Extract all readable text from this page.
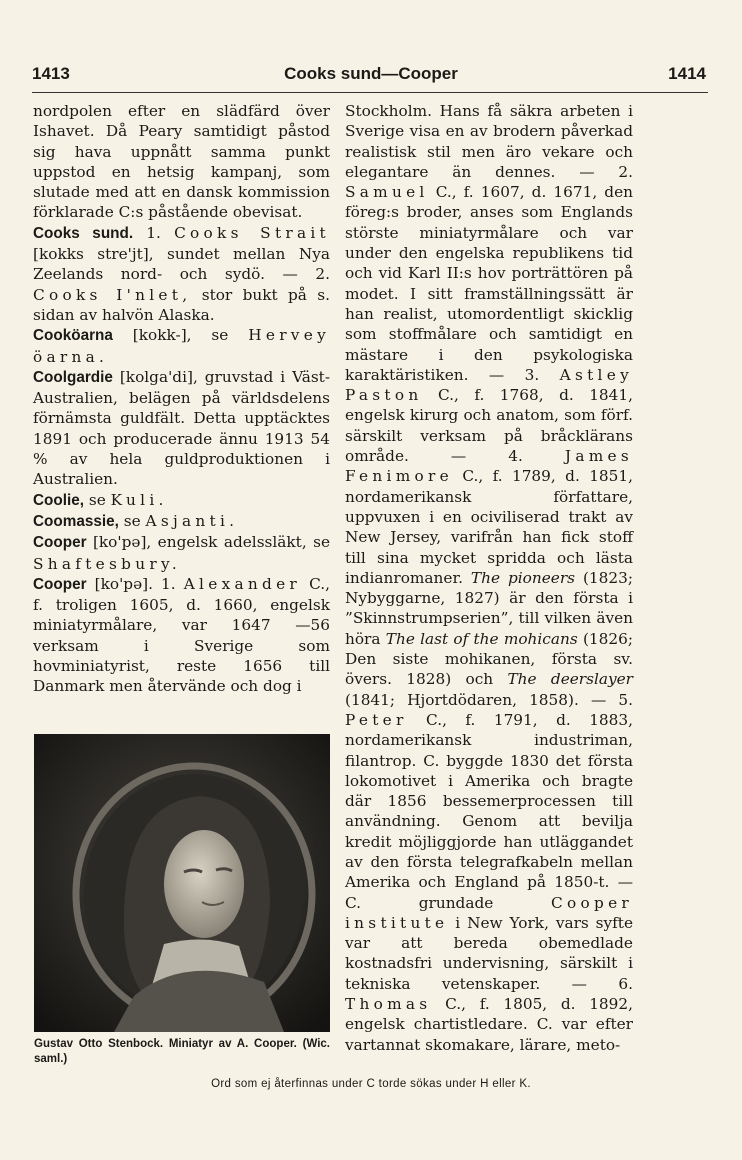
1413	Cooks sund—Cooper	1414

nordpolen efter en slädfärd över Ishavet. Då Peary samtidigt påstod sig hava uppnått samma punkt uppstod en hetsig kampanj, som slutade med att en dansk kommission förklarade C:s påstående obevisat.

Cooks sund. 1. Cooks Strait [kokks stre'jt], sundet mellan Nya Zeelands nord- och sydö. — 2. Cooks I'nlet, stor bukt på s. sidan av halvön Alaska.

Cooköarna [kokk-], se Hervey öarna.

Coolgardie [kolga'di], gruvstad i Väst-Australien, belägen på världsdelens förnämsta guldfält. Detta upptäcktes 1891 och producerade ännu 1913 54 % av hela guldproduktionen i Australien.

Coolie, se Kuli.

Coomassie, se Asjanti.

Cooper [ko'pə], engelsk adelssläkt, se Shaftesbury.

Cooper [ko'pə]. 1. Alexander C., f. troligen 1605, d. 1660, engelsk miniatyrmålare, var 1647 —56 verksam i Sverige som hovminiatyrist, reste 1656 till Danmark men återvände och dog i

Gustav Otto Stenbock. Miniatyr av A. Cooper. (Wic. saml.)

Stockholm. Hans få säkra arbeten i Sverige visa en av brodern påverkad realistisk stil men äro vekare och elegantare än dennes. — 2. Samuel C., f. 1607, d. 1671, den föreg:s broder, anses som Englands störste miniatyrmålare och var under den engelska republikens tid och vid Karl II:s hov porträttören på modet. I sitt framställningssätt är han realist, utomordentligt skicklig som stoffmålare och samtidigt en mästare i den psykologiska karaktäristiken. — 3. Astley Paston C., f. 1768, d. 1841, engelsk kirurg och anatom, som förf. särskilt verksam på bråcklärans område. — 4. James Fenimore C., f. 1789, d. 1851, nordamerikansk författare, uppvuxen i en ociviliserad trakt av New Jersey, varifrån han fick stoff till sina mycket spridda och lästa indianromaner. The pioneers (1823; Nybyggarne, 1827) är den första i ”Skinnstrumpserien”, till vilken även höra The last of the mohicans (1826; Den siste mohikanen, första sv. övers. 1828) och The deerslayer (1841; Hjortdödaren, 1858). — 5. Peter C., f. 1791, d. 1883, nordamerikansk industriman, filantrop. C. byggde 1830 det första lokomotivet i Amerika och bragte där 1856 bessemerprocessen till användning. Genom att bevilja kredit möjliggjorde han utläggandet av den första telegrafkabeln mellan Amerika och England på 1850-t. — C. grundade Cooper institute i New York, vars syfte var att bereda obemedlade kostnadsfri undervisning, särskilt i tekniska vetenskaper. — 6. Thomas C., f. 1805, d. 1892, engelsk chartistledare. C. var efter vartannat skomakare, lärare, meto-

Ord som ej återfinnas under C torde sökas under H eller K.
